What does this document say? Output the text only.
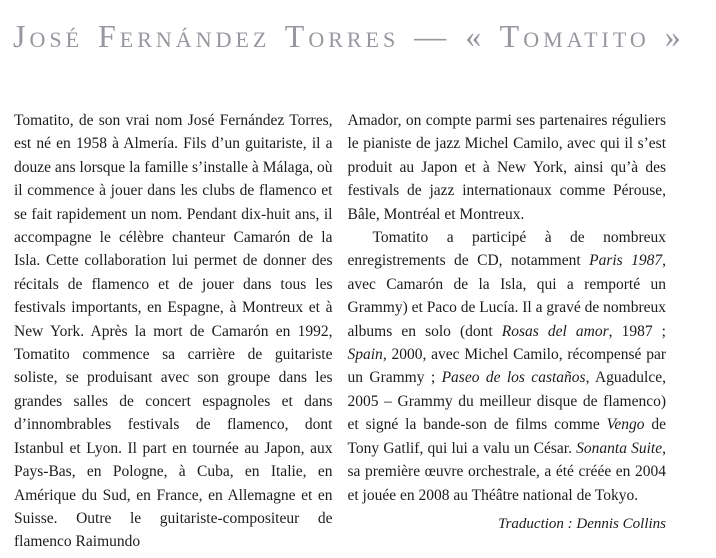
José Fernández Torres — « Tomatito »

Tomatito, de son vrai nom José Fernández Torres, est né en 1958 à Almería. Fils d’un guitariste, il a douze ans lorsque la famille s’installe à Málaga, où il commence à jouer dans les clubs de flamenco et se fait rapidement un nom. Pendant dix-huit ans, il accompagne le célèbre chanteur Camarón de la Isla. Cette collaboration lui permet de donner des récitals de flamenco et de jouer dans tous les festivals importants, en Espagne, à Montreux et à New York. Après la mort de Camarón en 1992, Tomatito commence sa carrière de guitariste soliste, se produisant avec son groupe dans les grandes salles de concert espagnoles et dans d’innombrables festivals de flamenco, dont Istanbul et Lyon. Il part en tournée au Japon, aux Pays-Bas, en Pologne, à Cuba, en Italie, en Amérique du Sud, en France, en Allemagne et en Suisse. Outre le guitariste-compositeur de flamenco Raimundo

Amador, on compte parmi ses partenaires réguliers le pianiste de jazz Michel Camilo, avec qui il s’est produit au Japon et à New York, ainsi qu’à des festivals de jazz internationaux comme Pérouse, Bâle, Montréal et Montreux.

Tomatito a participé à de nombreux enregistrements de CD, notamment Paris 1987, avec Camarón de la Isla, qui a remporté un Grammy) et Paco de Lucía. Il a gravé de nombreux albums en solo (dont Rosas del amor, 1987 ; Spain, 2000, avec Michel Camilo, récompensé par un Grammy ; Paseo de los castaños, Aguadulce, 2005 – Grammy du meilleur disque de flamenco) et signé la bande-son de films comme Vengo de Tony Gatlif, qui lui a valu un César. Sonanta Suite, sa première œuvre orchestrale, a été créée en 2004 et jouée en 2008 au Théâtre national de Tokyo.

Traduction : Dennis Collins
